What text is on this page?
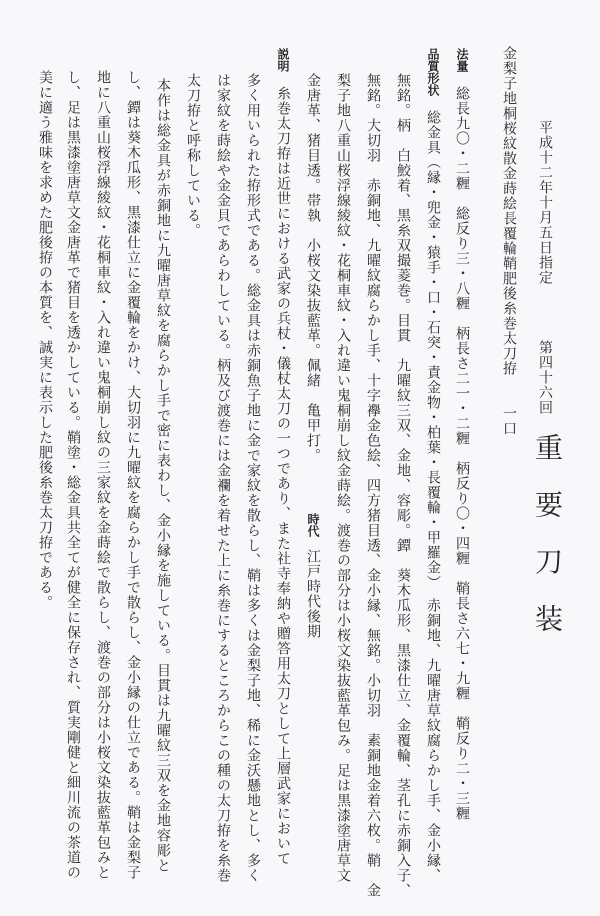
平成十二年十月五日指定
第四十六回
重要刀装
金梨子地桐桜紋散金蒔絵長覆輪鞘肥後糸巻太刀拵　　一口
法量総長九〇・二糎　総反り三・八糎　柄長さ二一・二糎　柄反り〇・四糎　鞘長さ六七・九糎　鞘反り二・三糎
品質形状総金具（縁・兜金・猿手・口・石突・責金物・柏葉・長覆輪・甲羅金）　赤銅地、九曜唐草紋腐らかし手、金小縁、
無銘。柄　白鮫着、黒糸双撮菱巻。目貫　九曜紋三双、金地、容彫。鐔　葵木瓜形、黒漆仕立、金覆輪、茎孔に赤銅入子、
無銘。大切羽　赤銅地、九曜紋腐らかし手、十字襷金色絵、四方猪目透、金小縁、無銘。小切羽　素銅地金着六枚。鞘　金
梨子地八重山桜浮線綾紋・花桐車紋・入れ違い鬼桐崩し紋金蒔絵。渡巻の部分は小桜文染抜藍革包み。足は黒漆塗唐草文
金唐革、猪目透。帯執　小桜文染抜藍革。佩緒　亀甲打。時代江戸時代後期
説明糸巻太刀拵は近世における武家の兵杖・儀杖太刀の一つであり、また社寺奉納や贈答用太刀として上層武家において
多く用いられた拵形式である。総金具は赤銅魚子地に金で家紋を散らし、鞘は多くは金梨子地、稀に金沃懸地とし、多く
は家紋を蒔絵や金金貝であらわしている。柄及び渡巻には金襴を着せた上に糸巻にするところからこの種の太刀拵を糸巻
太刀拵と呼称している。
本作は総金具が赤銅地に九曜唐草紋を腐らかし手で密に表わし、金小縁を施している。目貫は九曜紋三双を金地容彫と
し、鐔は葵木瓜形、黒漆仕立に金覆輪をかけ、大切羽に九曜紋を腐らかし手で散らし、金小縁の仕立である。鞘は金梨子
地に八重山桜浮線綾紋・花桐車紋・入れ違い鬼桐崩し紋の三家紋を金蒔絵で散らし、渡巻の部分は小桜文染抜藍革包みと
し、足は黒漆塗唐草文金唐革で猪目を透かしている。鞘塗・総金具共全てが健全に保存され、質実剛健と細川流の茶道の
美に適う雅味を求めた肥後拵の本質を、誠実に表示した肥後糸巻太刀拵である。
